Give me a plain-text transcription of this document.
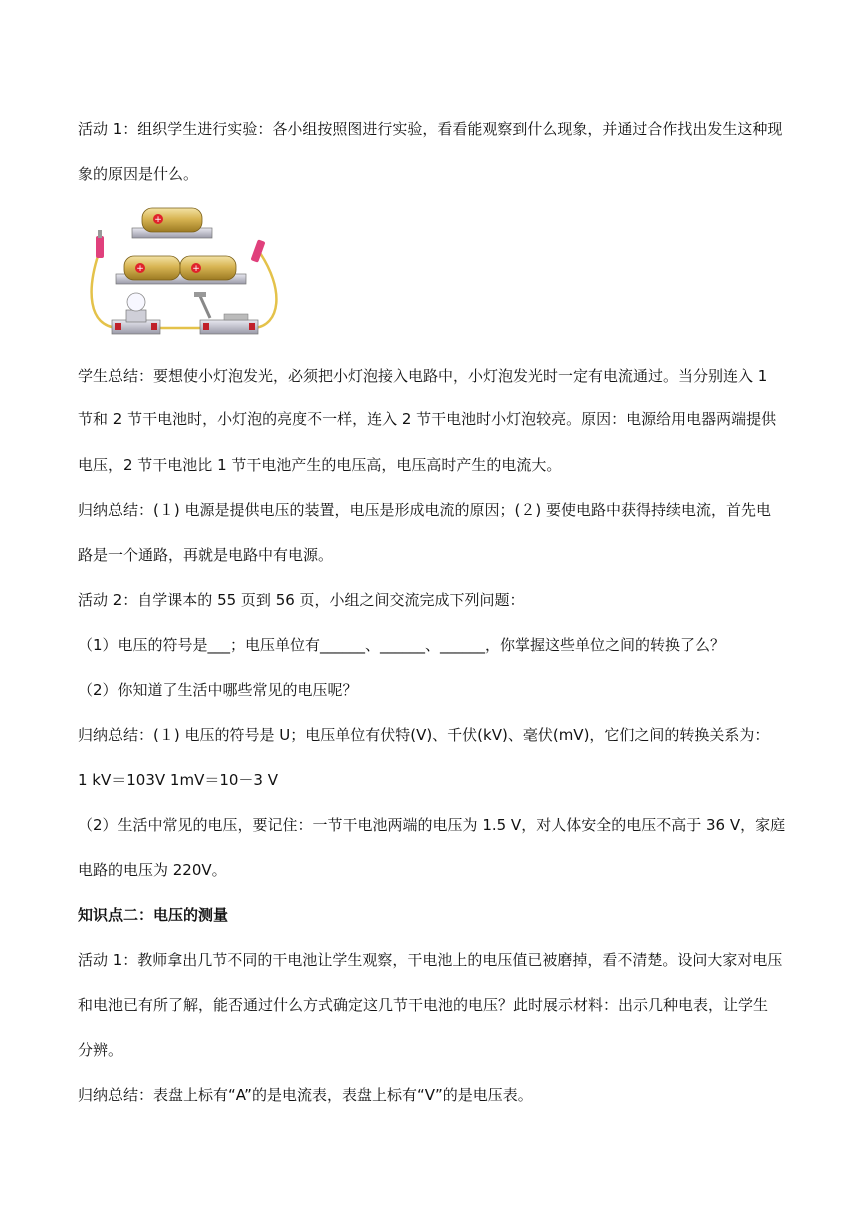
活动 1：组织学生进行实验：各小组按照图进行实验，看看能观察到什么现象，并通过合作找出发生这种现

象的原因是什么。

+
+	+

学生总结：要想使小灯泡发光，必须把小灯泡接入电路中，小灯泡发光时一定有电流通过。当分别连入 1

节和 2 节干电池时，小灯泡的亮度不一样，连入 2 节干电池时小灯泡较亮。原因：电源给用电器两端提供

电压，2 节干电池比 1 节干电池产生的电压高，电压高时产生的电流大。

归纳总结：(１) 电源是提供电压的装置，电压是形成电流的原因；(２) 要使电路中获得持续电流，首先电

路是一个通路，再就是电路中有电源。

活动 2：自学课本的 55 页到 56 页，小组之间交流完成下列问题：

（1）电压的符号是___；电压单位有______、______、______，你掌握这些单位之间的转换了么？

（2）你知道了生活中哪些常见的电压呢？

归纳总结：(１) 电压的符号是 U；电压单位有伏特(V)、千伏(kV)、毫伏(mV)，它们之间的转换关系为：

1 kV＝103V 1mV＝10－3 V

（2）生活中常见的电压，要记住：一节干电池两端的电压为 1.5 V，对人体安全的电压不高于 36 V，家庭

电路的电压为 220V。

知识点二：电压的测量

活动 1：教师拿出几节不同的干电池让学生观察，干电池上的电压值已被磨掉，看不清楚。设问大家对电压

和电池已有所了解，能否通过什么方式确定这几节干电池的电压？此时展示材料：出示几种电表，让学生

分辨。

归纳总结：表盘上标有“A”的是电流表，表盘上标有“V”的是电压表。
